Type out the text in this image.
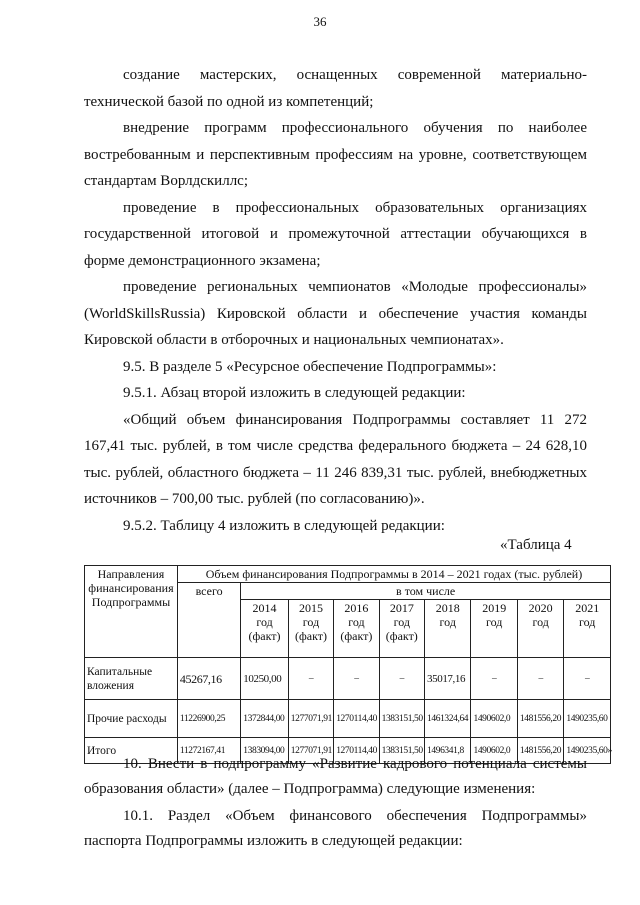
36

создание мастерских, оснащенных современной материально-технической базой по одной из компетенций;

внедрение программ профессионального обучения по наиболее востребованным и перспективным профессиям на уровне, соответствующем стандартам Ворлдскиллс;

проведение в профессиональных образовательных организациях государственной итоговой и промежуточной аттестации обучающихся в форме демонстрационного экзамена;

проведение региональных чемпионатов «Молодые профессионалы» (WorldSkillsRussia) Кировской области и обеспечение участия команды Кировской области в отборочных и национальных чемпионатах».

9.5. В разделе 5 «Ресурсное обеспечение Подпрограммы»:

9.5.1. Абзац второй изложить в следующей редакции:

«Общий объем финансирования Подпрограммы составляет 11 272 167,41 тыс. рублей, в том числе средства федерального бюджета – 24 628,10 тыс. рублей, областного бюджета – 11 246 839,31 тыс. рублей, внебюджетных источников – 700,00 тыс. рублей (по согласованию)».

9.5.2. Таблицу 4 изложить в следующей редакции:

«Таблица 4
Направления финансирования Подпрограммы	Объем финансирования Подпрограммы в 2014 – 2021 годах (тыс. рублей)								
	всего	в том числе							
		2014 год (факт)	2015 год (факт)	2016 год (факт)	2017 год (факт)	2018 год	2019 год	2020 год	2021 год
Капитальные вложения	45267,16	10250,00	–	–	–	35017,16	–	–	–
Прочие расходы	11226900,25	1372844,00	1277071,91	1270114,40	1383151,50	1461324,64	1490602,0	1481556,20	1490235,60
Итого	11272167,41	1383094,00	1277071,91	1270114,40	1383151,50	1496341,8	1490602,0	1481556,20	1490235,60»

10. Внести в подпрограмму «Развитие кадрового потенциала системы образования области» (далее – Подпрограмма) следующие изменения:

10.1. Раздел «Объем финансового обеспечения Подпрограммы» паспорта Подпрограммы изложить в следующей редакции:
